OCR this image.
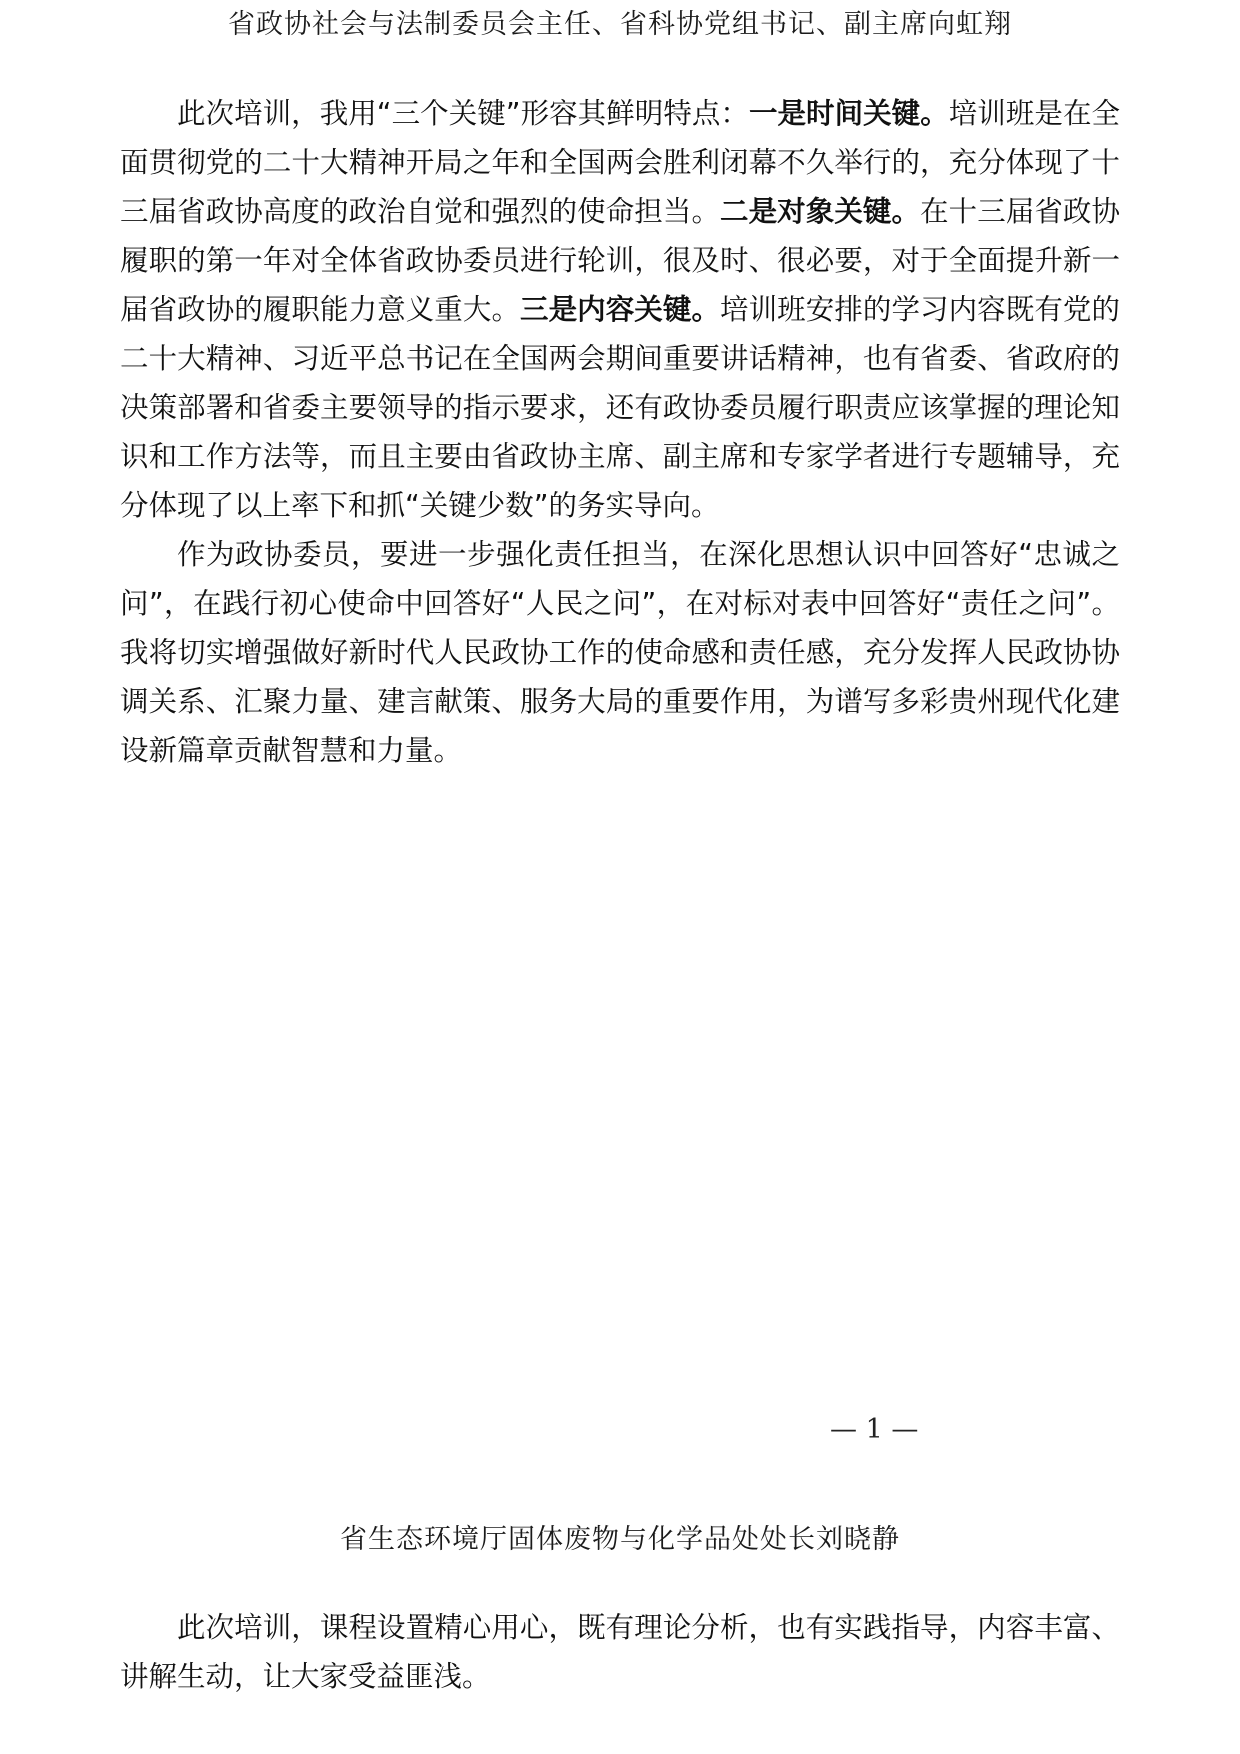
省政协社会与法制委员会主任、省科协党组书记、副主席向虹翔

此次培训，我用“三个关键”形容其鲜明特点：一是时间关键。培训班是在全面贯彻党的二十大精神开局之年和全国两会胜利闭幕不久举行的，充分体现了十三届省政协高度的政治自觉和强烈的使命担当。二是对象关键。在十三届省政协履职的第一年对全体省政协委员进行轮训，很及时、很必要，对于全面提升新一届省政协的履职能力意义重大。三是内容关键。培训班安排的学习内容既有党的二十大精神、习近平总书记在全国两会期间重要讲话精神，也有省委、省政府的决策部署和省委主要领导的指示要求，还有政协委员履行职责应该掌握的理论知识和工作方法等，而且主要由省政协主席、副主席和专家学者进行专题辅导，充分体现了以上率下和抓“关键少数”的务实导向。

作为政协委员，要进一步强化责任担当，在深化思想认识中回答好“忠诚之问”，在践行初心使命中回答好“人民之问”，在对标对表中回答好“责任之问”。我将切实增强做好新时代人民政协工作的使命感和责任感，充分发挥人民政协协调关系、汇聚力量、建言献策、服务大局的重要作用，为谱写多彩贵州现代化建设新篇章贡献智慧和力量。

— 1 —
省生态环境厅固体废物与化学品处处长刘晓静

此次培训，课程设置精心用心，既有理论分析，也有实践指导，内容丰富、讲解生动，让大家受益匪浅。
